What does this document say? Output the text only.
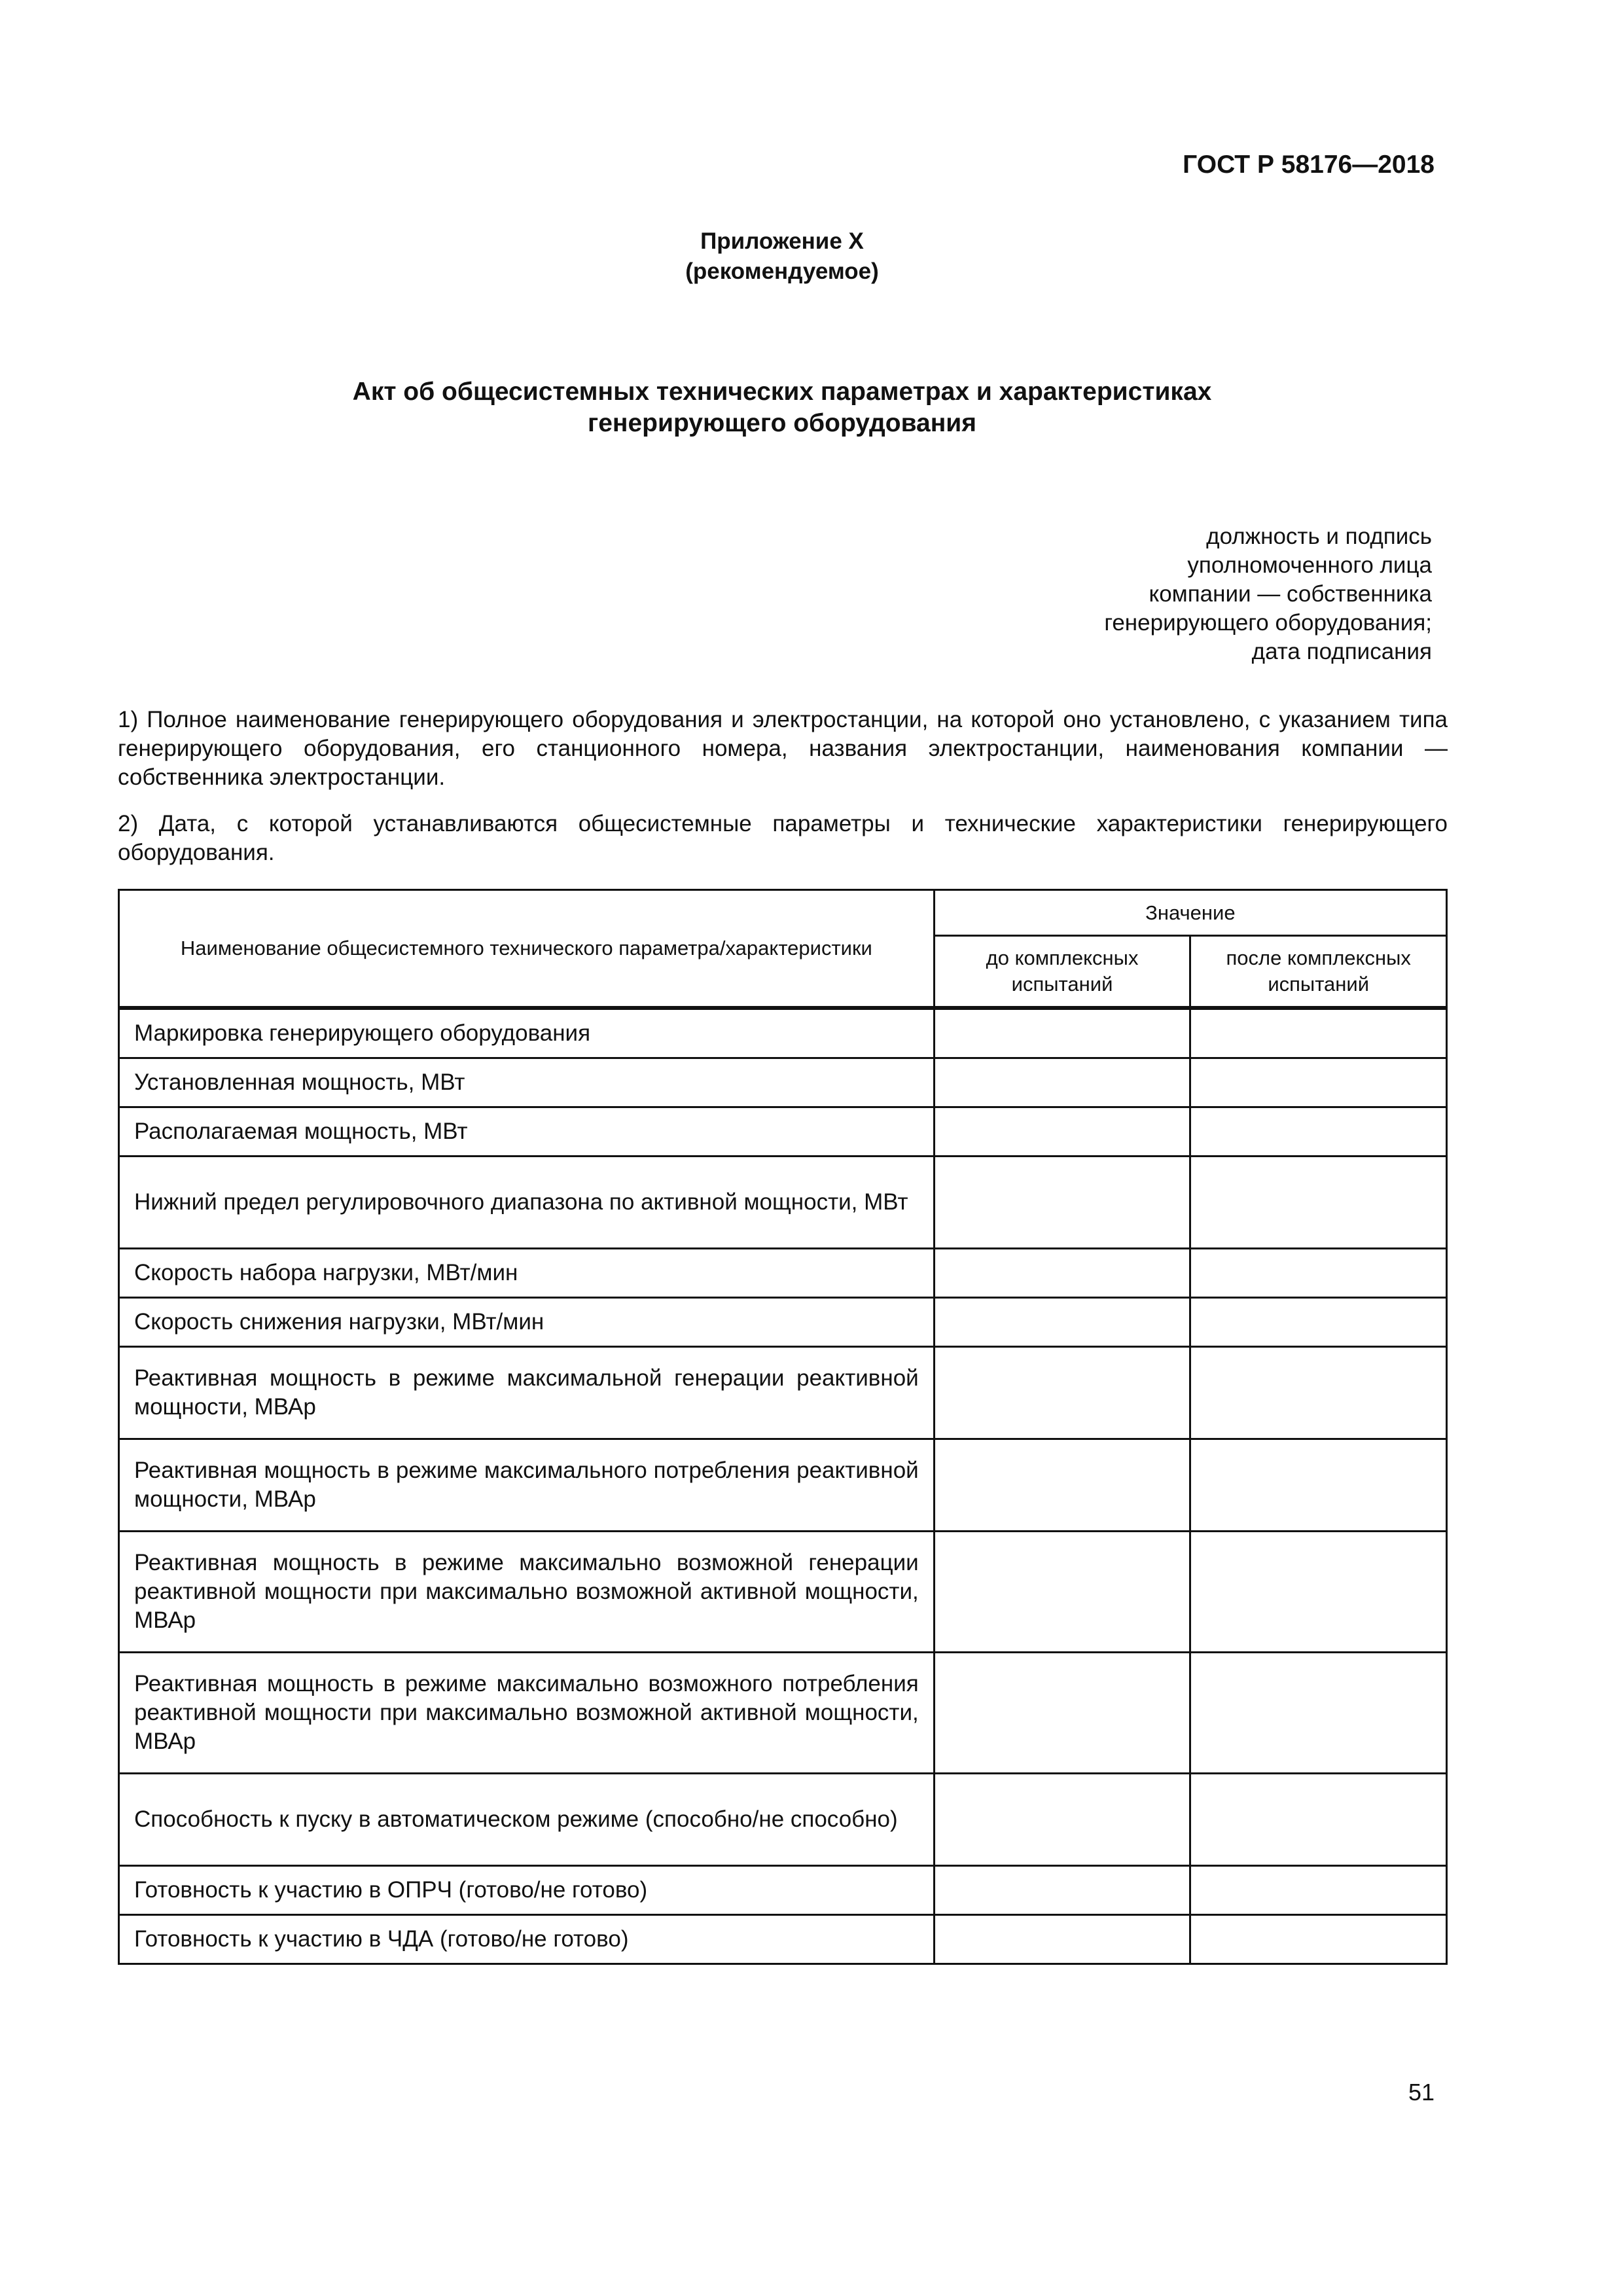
ГОСТ Р 58176—2018
Приложение Х
(рекомендуемое)
Акт об общесистемных технических параметрах и характеристиках
генерирующего оборудования
должность и подпись
уполномоченного лица
компании — собственника
генерирующего оборудования;
дата подписания
1) Полное наименование генерирующего оборудования и электростанции, на которой оно установлено, с указанием типа генерирующего оборудования, его станционного номера, названия электростанции, наименования компании — собственника электростанции.
2) Дата, с которой устанавливаются общесистемные параметры и технические характеристики генерирующего оборудования.
Наименование общесистемного технического параметра/характеристики	Значение	
	до комплексных испытаний	после комплексных испытаний
Маркировка генерирующего оборудования		
Установленная мощность, МВт		
Располагаемая мощность, МВт		
Нижний предел регулировочного диапазона по активной мощности, МВт		
Скорость набора нагрузки, МВт/мин		
Скорость снижения нагрузки, МВт/мин		
Реактивная мощность в режиме максимальной генерации реактивной мощности, МВАр		
Реактивная мощность в режиме максимального потребления реактивной мощности, МВАр		
Реактивная мощность в режиме максимально возможной генерации реактивной мощности при максимально возможной активной мощности, МВАр		
Реактивная мощность в режиме максимально возможного потребления реактивной мощности при максимально возможной активной мощности, МВАр		
Способность к пуску в автоматическом режиме (способно/не способно)		
Готовность к участию в ОПРЧ (готово/не готово)		
Готовность к участию в ЧДА (готово/не готово)		
51
